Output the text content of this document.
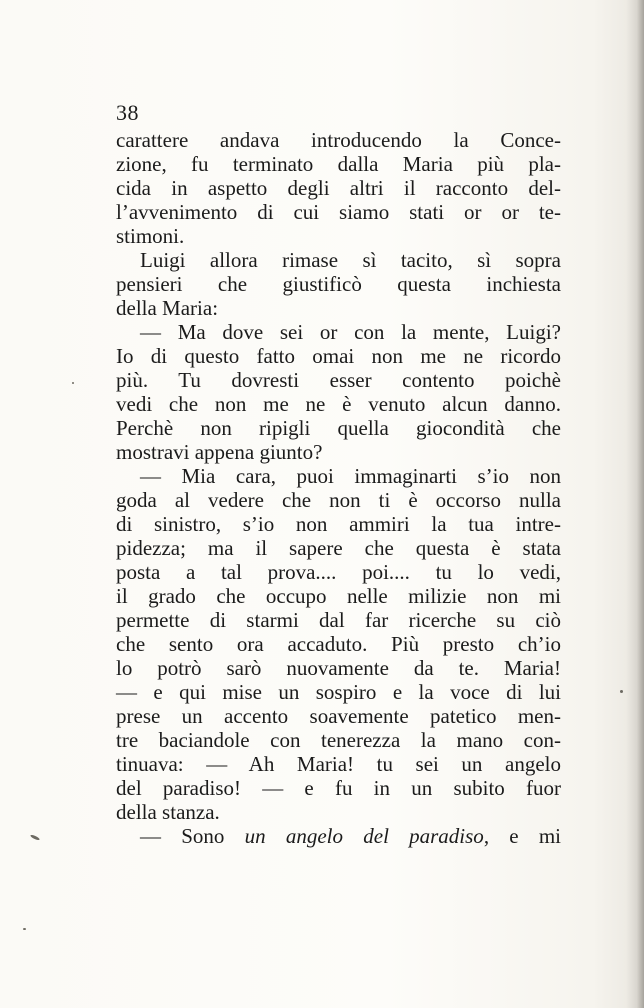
38
carattere andava introducendo la Conce-
zione, fu terminato dalla Maria più pla-
cida in aspetto degli altri il racconto del-
l’avvenimento di cui siamo stati or or te-
stimoni.
Luigi allora rimase sì tacito, sì sopra
pensieri che giustificò questa inchiesta
della Maria:
— Ma dove sei or con la mente, Luigi?
Io di questo fatto omai non me ne ricordo
più. Tu dovresti esser contento poichè
vedi che non me ne è venuto alcun danno.
Perchè non ripigli quella giocondità che
mostravi appena giunto?
— Mia cara, puoi immaginarti s’io non
goda al vedere che non ti è occorso nulla
di sinistro, s’io non ammiri la tua intre-
pidezza; ma il sapere che questa è stata
posta a tal prova.... poi.... tu lo vedi,
il grado che occupo nelle milizie non mi
permette di starmi dal far ricerche su ciò
che sento ora accaduto. Più presto ch’io
lo potrò sarò nuovamente da te. Maria!
— e qui mise un sospiro e la voce di lui
prese un accento soavemente patetico men-
tre baciandole con tenerezza la mano con-
tinuava: — Ah Maria! tu sei un angelo
del paradiso! — e fu in un subito fuor
della stanza.
— Sono un angelo del paradiso, e mi
